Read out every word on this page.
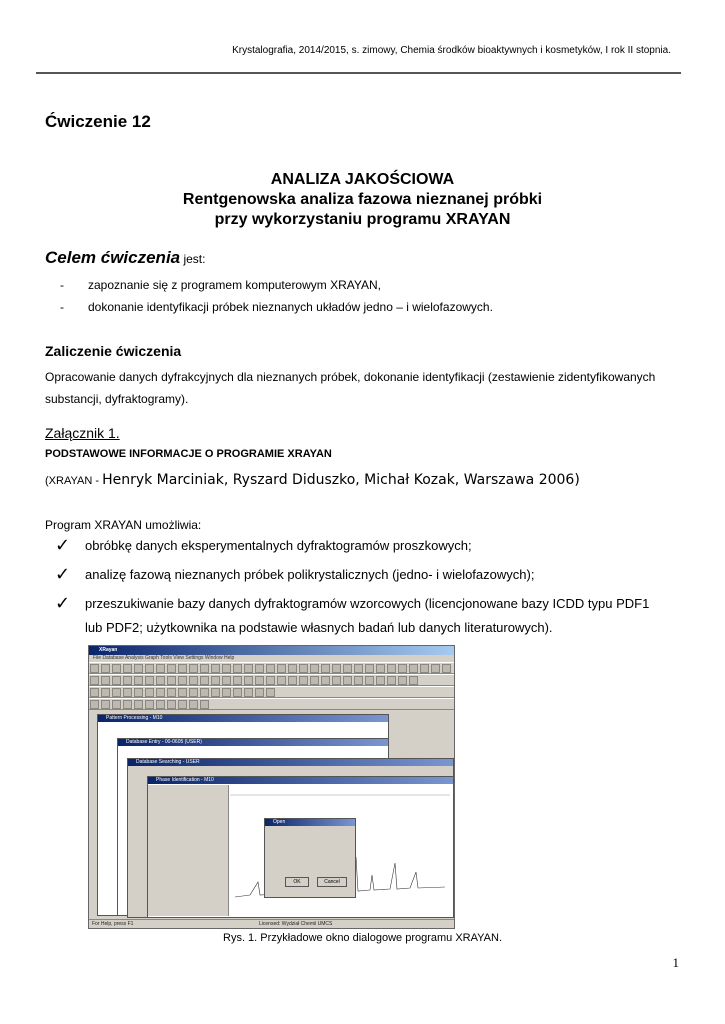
Krystalografia, 2014/2015, s. zimowy, Chemia środków bioaktywnych i kosmetyków, I rok II stopnia.
Ćwiczenie 12
ANALIZA JAKOŚCIOWA
Rentgenowska analiza fazowa nieznanej próbki
przy wykorzystaniu programu XRAYAN
Celem ćwiczenia jest:
- zapoznanie się z programem komputerowym XRAYAN,
- dokonanie identyfikacji próbek nieznanych układów jedno – i wielofazowych.
Zaliczenie ćwiczenia
Opracowanie danych dyfrakcyjnych dla nieznanych próbek, dokonanie identyfikacji (zestawienie zidentyfikowanych substancji, dyfraktogramy).
Załącznik 1.
PODSTAWOWE INFORMACJE O PROGRAMIE XRAYAN
(XRAYAN - Henryk Marciniak, Ryszard Diduszko, Michał Kozak, Warszawa 2006)
Program XRAYAN umożliwia:
✓ obróbkę danych eksperymentalnych dyfraktogramów proszkowych;
✓ analizę fazową nieznanych próbek polikrystalicznych (jedno- i wielofazowych);
✓ przeszukiwanie bazy danych dyfraktogramów wzorcowych (licencjonowane bazy ICDD typu PDF1
lub PDF2; użytkownika na podstawie własnych badań lub danych literaturowych).
XRayan
File Database Analysis Graph Tools View Settings Window Help
Pattern Processing - M10
Database Entry - 00-0605 (USER)
Database Searching - USER
Phase Identification - M10
Open
OK	Cancel
For Help, press F1	Licensed: Wydział Chemii UMCS
Rys. 1. Przykładowe okno dialogowe programu XRAYAN.
1
